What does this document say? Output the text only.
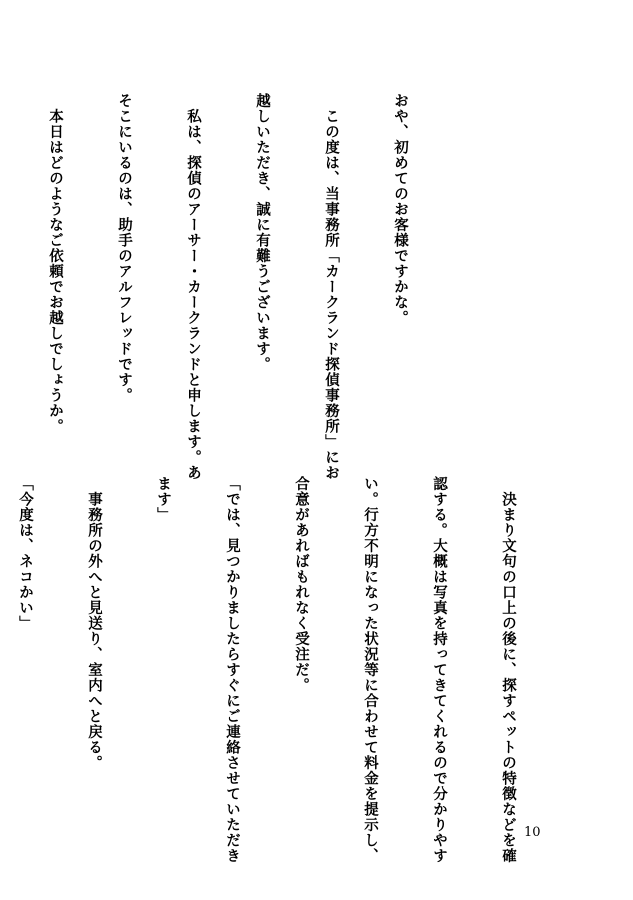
おや、初めてのお客様ですかな。

　この度は、当事務所「カークランド探偵事務所」にお

越しいただき、誠に有難うございます。

　私は、探偵のアーサー・カークランドと申します。あ

そこにいるのは、助手のアルフレッドです。

　本日はどのようなご依頼でお越しでしょうか。

　決まり文句の口上の後に、探すペットの特徴などを確

認する。大概は写真を持ってきてくれるので分かりやす

い。行方不明になった状況等に合わせて料金を提示し、

合意があればもれなく受注だ。

「では、見つかりましたらすぐにご連絡させていただき

ます」

　事務所の外へと見送り、室内へと戻る。

「今度は、ネコかい」

10
